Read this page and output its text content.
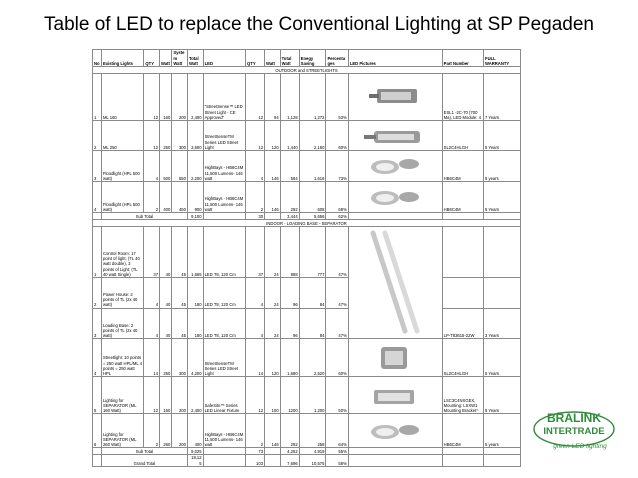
Table of LED to replace the Conventional Lighting at SP Pegaden
No	Existing Lights	QTY	Watt	System Watt	Total Watt	LED	QTY	Watt	Total Watt	Enegy Saving	Percentages	LED Pictures	Part Number	FULL WARRANTY
OUTDOOR and STREETLIGHTS														
1	ML 160	12	160	200	2,400	"StreetSense™ LED Street Light - CE Approved"	12	94	1,128	1,272	53%		ESL1 -2C-70 (700 Ma), LED Module: 4	7 Years
2	ML 250	12	250	300	3,600	StreetSenseTM Series LED Street Light	12	120	1,440	2,160	60%		SL2C4HLGH	5 Years
3	Floodlight (HPL 500 watt)	4	500	550	2,200	HighBays - HB6C4M 11,500 Lumens- 146 watt	4	146	584	1,616	73%		HB6C4M	5 years
4	Floodlight (HPL 500 watt)	2	400	450	900	HighBays - HB6C4M 11,500 Lumens- 146 watt	2	146	292	608	68%		HB6C4M	5 Years
	Sub Total				9,100		30		3,444	5,656	62%			
INDOOR - LOADING BASE - SEPARATOR														
1	Control Room: 17 point of light; (TL 40 watt double), 3 points of Light: (TL 40 watt Single)	37	40	45	1,665	LED T8, 120 Cm	37	24	888	777	47%			
2	Power House: 2 points of TL (2x 40 watt)	4	40	45	180	LED T8, 120 Cm	4	24	96	84	47%			
3	Loading Base: 2 points of TL (2x 40 watt)	4	40	45	180	LED T8, 120 Cm	4	24	96	84	47%		LP-T83615-22W	3 Years
4	Streetlight: 10 points = 250 watt HPL/ML 4 points = 250 watt HPL	14	250	300	4,200	StreetSenseTM Series LED Street Light	14	120	1,680	2,520	60%		SL2C4HLGH	5 Years
5	Lighting for SEPARATOR (ML 160 Watt)	12	160	200	2,400	SafeSite™ Series LED Linear Fixture	12	100	1200	1,200	50%		LSC3C4NXGEX, Mounting: LSXW1 Mounting Bracket*	5 Years
6	Lighting for SEPARATOR (ML 260 Watt)	2	260	200	400	HighBays - HB6C4M 11,500 Lumens- 146 watt	2	146	292	258	64%		HB6C4M	5 years
	Sub Total				9,025		73		4,252	4,919	55%			
	Grand Total				18,125		103		7,696	10,575	58%			
BRALINK
INTERTRADE
green LED lighting
